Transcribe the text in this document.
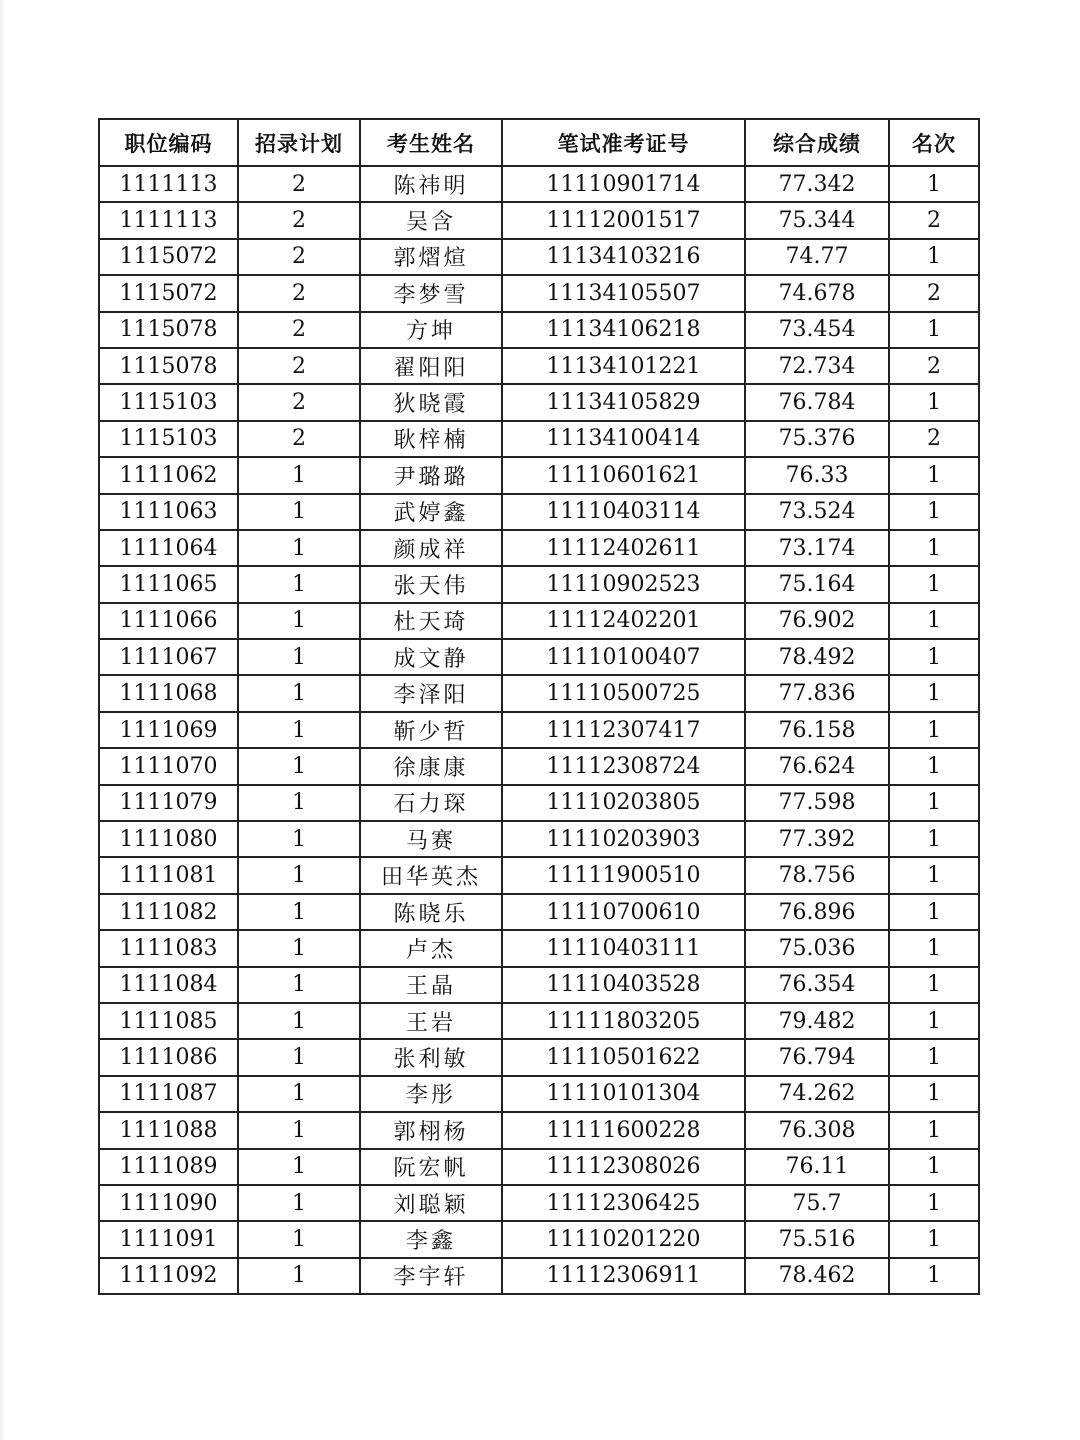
职位编码	招录计划	考生姓名	笔试准考证号	综合成绩	名次
1111113	2	陈祎明	11110901714	77.342	1
1111113	2	吴含	11112001517	75.344	2
1115072	2	郭熠煊	11134103216	74.77	1
1115072	2	李梦雪	11134105507	74.678	2
1115078	2	方坤	11134106218	73.454	1
1115078	2	翟阳阳	11134101221	72.734	2
1115103	2	狄晓霞	11134105829	76.784	1
1115103	2	耿梓楠	11134100414	75.376	2
1111062	1	尹璐璐	11110601621	76.33	1
1111063	1	武婷鑫	11110403114	73.524	1
1111064	1	颜成祥	11112402611	73.174	1
1111065	1	张天伟	11110902523	75.164	1
1111066	1	杜天琦	11112402201	76.902	1
1111067	1	成文静	11110100407	78.492	1
1111068	1	李泽阳	11110500725	77.836	1
1111069	1	靳少哲	11112307417	76.158	1
1111070	1	徐康康	11112308724	76.624	1
1111079	1	石力琛	11110203805	77.598	1
1111080	1	马赛	11110203903	77.392	1
1111081	1	田华英杰	11111900510	78.756	1
1111082	1	陈晓乐	11110700610	76.896	1
1111083	1	卢杰	11110403111	75.036	1
1111084	1	王晶	11110403528	76.354	1
1111085	1	王岩	11111803205	79.482	1
1111086	1	张利敏	11110501622	76.794	1
1111087	1	李彤	11110101304	74.262	1
1111088	1	郭栩杨	11111600228	76.308	1
1111089	1	阮宏帆	11112308026	76.11	1
1111090	1	刘聪颖	11112306425	75.7	1
1111091	1	李鑫	11110201220	75.516	1
1111092	1	李宇轩	11112306911	78.462	1
